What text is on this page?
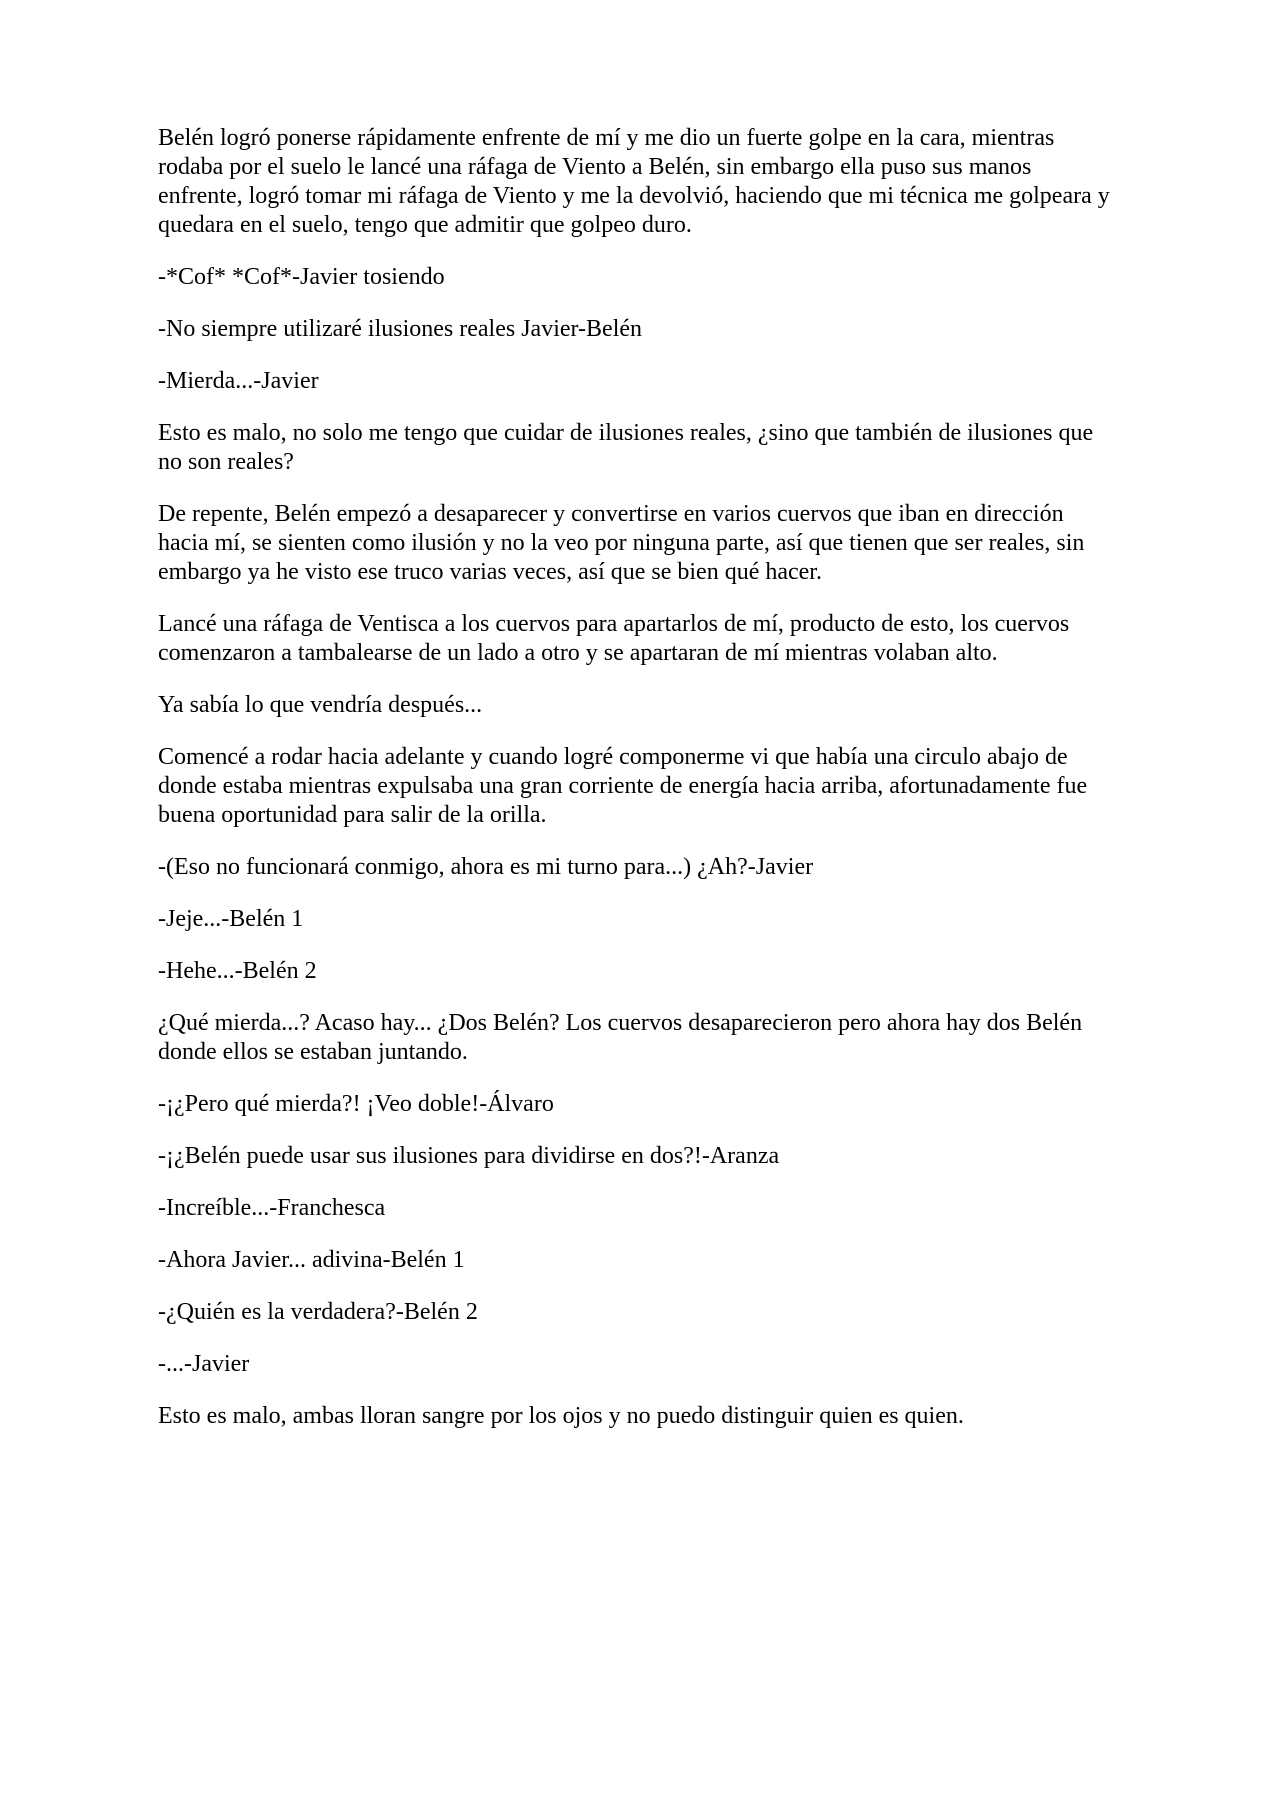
Belén logró ponerse rápidamente enfrente de mí y me dio un fuerte golpe en la cara, mientras rodaba por el suelo le lancé una ráfaga de Viento a Belén, sin embargo ella puso sus manos enfrente, logró tomar mi ráfaga de Viento y me la devolvió, haciendo que mi técnica me golpeara y quedara en el suelo, tengo que admitir que golpeo duro.

-*Cof* *Cof*-Javier tosiendo

-No siempre utilizaré ilusiones reales Javier-Belén

-Mierda...-Javier

Esto es malo, no solo me tengo que cuidar de ilusiones reales, ¿sino que también de ilusiones que no son reales?

De repente, Belén empezó a desaparecer y convertirse en varios cuervos que iban en dirección hacia mí, se sienten como ilusión y no la veo por ninguna parte, así que tienen que ser reales, sin embargo ya he visto ese truco varias veces, así que se bien qué hacer.

Lancé una ráfaga de Ventisca a los cuervos para apartarlos de mí, producto de esto, los cuervos comenzaron a tambalearse de un lado a otro y se apartaran de mí mientras volaban alto.

Ya sabía lo que vendría después...

Comencé a rodar hacia adelante y cuando logré componerme vi que había una circulo abajo de donde estaba mientras expulsaba una gran corriente de energía hacia arriba, afortunadamente fue buena oportunidad para salir de la orilla.

-(Eso no funcionará conmigo, ahora es mi turno para...) ¿Ah?-Javier

-Jeje...-Belén 1

-Hehe...-Belén 2

¿Qué mierda...? Acaso hay... ¿Dos Belén? Los cuervos desaparecieron pero ahora hay dos Belén donde ellos se estaban juntando.

-¡¿Pero qué mierda?! ¡Veo doble!-Álvaro

-¡¿Belén puede usar sus ilusiones para dividirse en dos?!-Aranza

-Increíble...-Franchesca

-Ahora Javier... adivina-Belén 1

-¿Quién es la verdadera?-Belén 2

-...-Javier

Esto es malo, ambas lloran sangre por los ojos y no puedo distinguir quien es quien.
